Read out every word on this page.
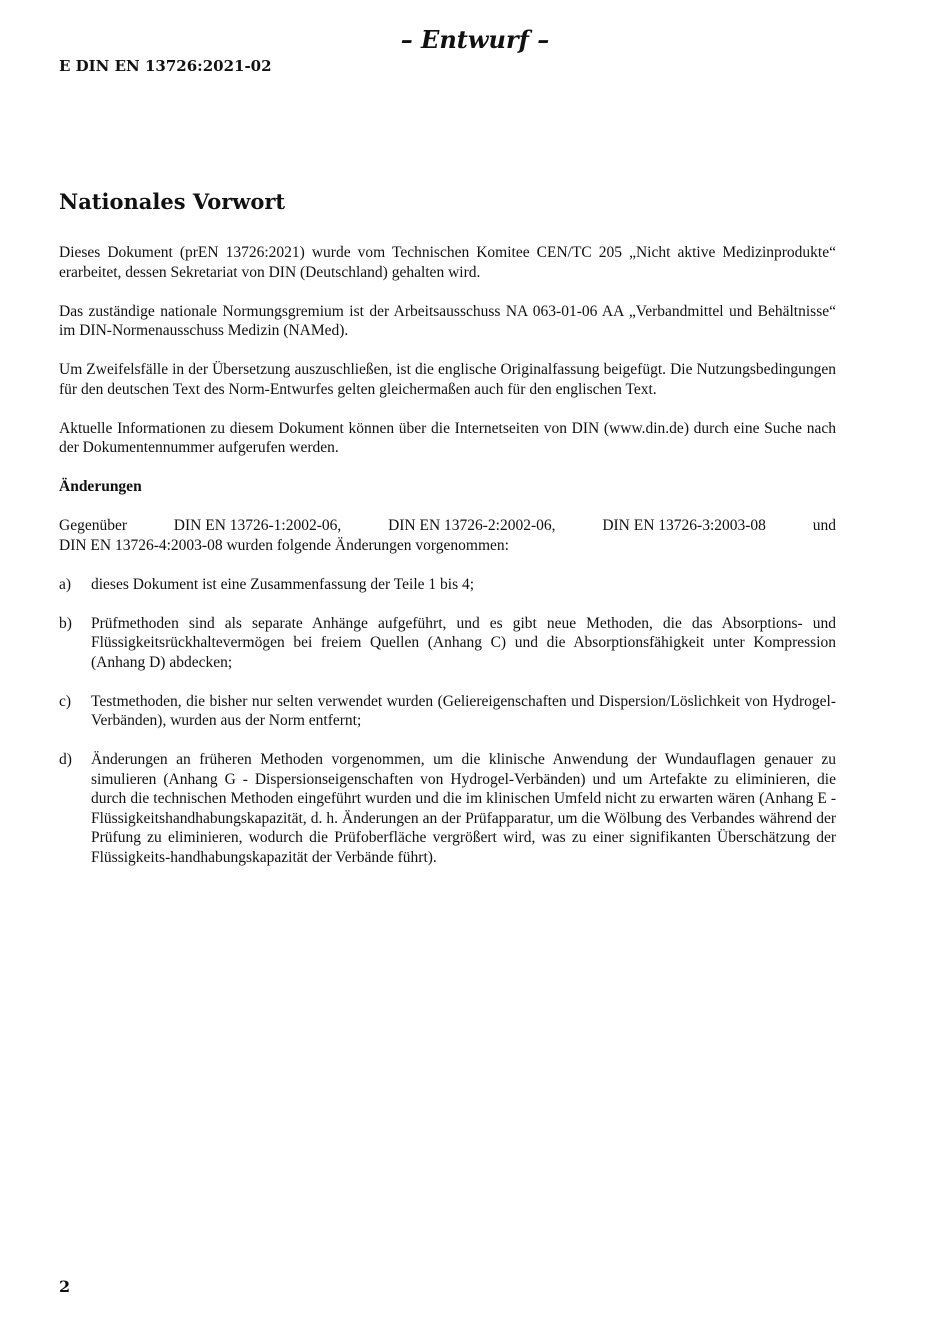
– Entwurf –
E DIN EN 13726:2021-02
Nationales Vorwort

Dieses Dokument (prEN 13726:2021) wurde vom Technischen Komitee CEN/TC 205 „Nicht aktive Medizinprodukte“ erarbeitet, dessen Sekretariat von DIN (Deutschland) gehalten wird.

Das zuständige nationale Normungsgremium ist der Arbeitsausschuss NA 063-01-06 AA „Verbandmittel und Behältnisse“ im DIN-Normenausschuss Medizin (NAMed).

Um Zweifelsfälle in der Übersetzung auszuschließen, ist die englische Originalfassung beigefügt. Die Nutzungsbedingungen für den deutschen Text des Norm-Entwurfes gelten gleichermaßen auch für den englischen Text.

Aktuelle Informationen zu diesem Dokument können über die Internetseiten von DIN (www.din.de) durch eine Suche nach der Dokumentennummer aufgerufen werden.

Änderungen
Gegenüber	DIN EN 13726-1:2002-06,	DIN EN 13726-2:2002-06,	DIN EN 13726-3:2003-08	und
DIN EN 13726-4:2003-08 wurden folgende Änderungen vorgenommen:
a)	dieses Dokument ist eine Zusammenfassung der Teile 1 bis 4;
b)	Prüfmethoden sind als separate Anhänge aufgeführt, und es gibt neue Methoden, die das Absorptions- und Flüssigkeitsrückhaltevermögen bei freiem Quellen (Anhang C) und die Absorptionsfähigkeit unter Kompression (Anhang D) abdecken;
c)	Testmethoden, die bisher nur selten verwendet wurden (Geliereigenschaften und Dispersion/Löslichkeit von Hydrogel-Verbänden), wurden aus der Norm entfernt;
d)	Änderungen an früheren Methoden vorgenommen, um die klinische Anwendung der Wundauflagen genauer zu simulieren (Anhang G - Dispersionseigenschaften von Hydrogel-Verbänden) und um Artefakte zu eliminieren, die durch die technischen Methoden eingeführt wurden und die im klinischen Umfeld nicht zu erwarten wären (Anhang E - Flüssigkeitshandhabungskapazität, d. h. Änderungen an der Prüfapparatur, um die Wölbung des Verbandes während der Prüfung zu eliminieren, wodurch die Prüfoberfläche vergrößert wird, was zu einer signifikanten Überschätzung der Flüssigkeits-handhabungskapazität der Verbände führt).
2
